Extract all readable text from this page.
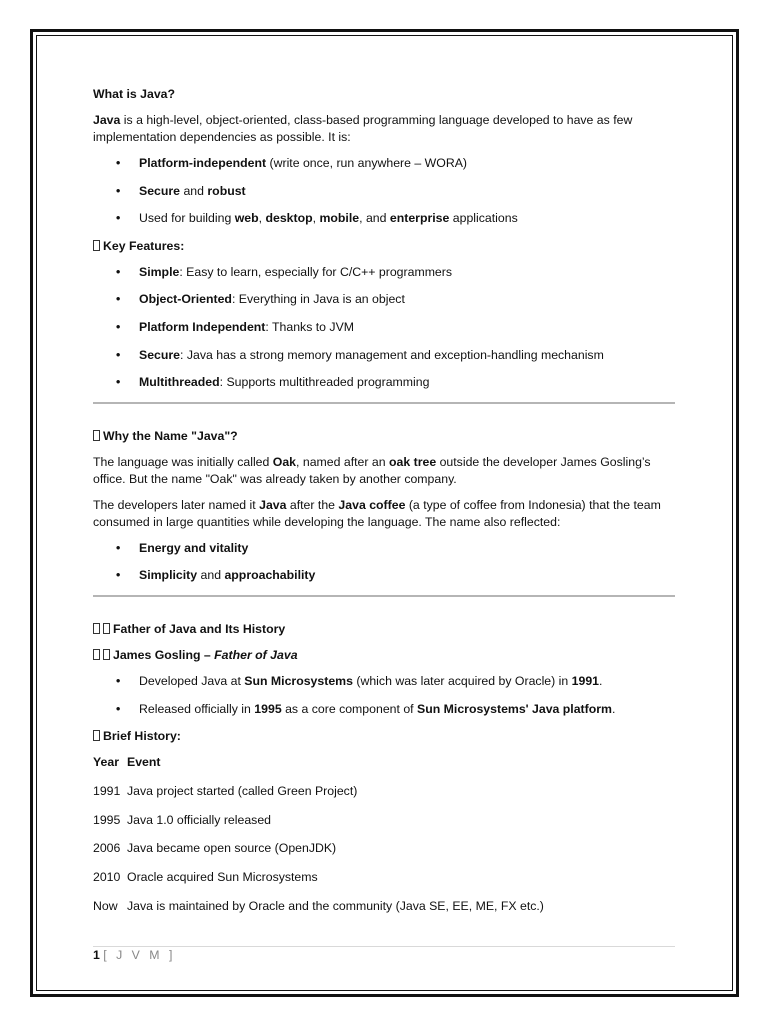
What is Java?

Java is a high-level, object-oriented, class-based programming language developed to have as few implementation dependencies as possible. It is:

• Platform-independent (write once, run anywhere – WORA)
• Secure and robust
• Used for building web, desktop, mobile, and enterprise applications
Key Features:
• Simple: Easy to learn, especially for C/C++ programmers
• Object-Oriented: Everything in Java is an object
• Platform Independent: Thanks to JVM
• Secure: Java has a strong memory management and exception-handling mechanism
• Multithreaded: Supports multithreaded programming
Why the Name "Java"?

The language was initially called Oak, named after an oak tree outside the developer James Gosling’s office. But the name "Oak" was already taken by another company.

The developers later named it Java after the Java coffee (a type of coffee from Indonesia) that the team consumed in large quantities while developing the language. The name also reflected:

• Energy and vitality
• Simplicity and approachability
Father of Java and Its History

James Gosling – Father of Java

• Developed Java at Sun Microsystems (which was later acquired by Oracle) in 1991.
• Released officially in 1995 as a core component of Sun Microsystems' Java platform.
Brief History:
Year Event
1991 Java project started (called Green Project)
1995 Java 1.0 officially released
2006 Java became open source (OpenJDK)
2010 Oracle acquired Sun Microsystems
Now Java is maintained by Oracle and the community (Java SE, EE, ME, FX etc.)
1 [ J V M ]
